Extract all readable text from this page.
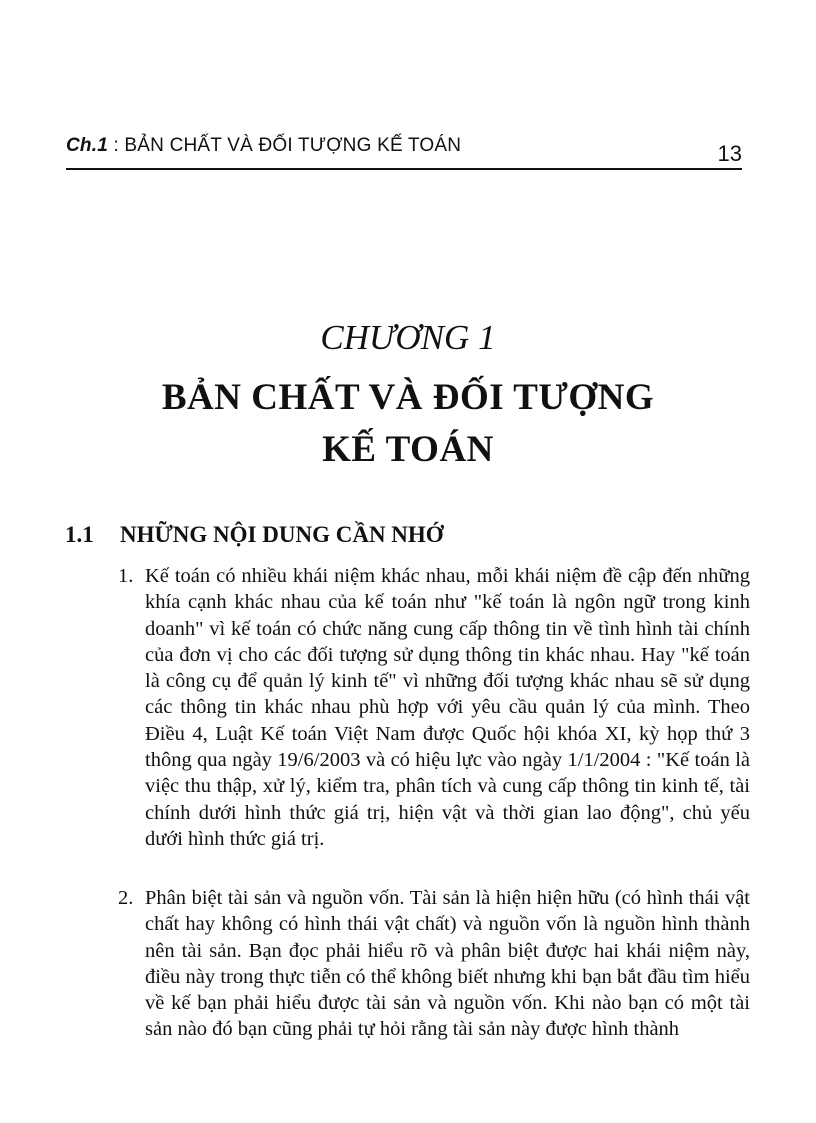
Ch.1 : BẢN CHẤT VÀ ĐỐI TƯỢNG KẾ TOÁN	13
CHƯƠNG 1
BẢN CHẤT VÀ ĐỐI TƯỢNG
KẾ TOÁN
1.1 NHỮNG NỘI DUNG CẦN NHỚ
1. Kế toán có nhiều khái niệm khác nhau, mỗi khái niệm đề cập đến những khía cạnh khác nhau của kế toán như "kế toán là ngôn ngữ trong kinh doanh" vì kế toán có chức năng cung cấp thông tin về tình hình tài chính của đơn vị cho các đối tượng sử dụng thông tin khác nhau. Hay "kế toán là công cụ để quản lý kinh tế" vì những đối tượng khác nhau sẽ sử dụng các thông tin khác nhau phù hợp với yêu cầu quản lý của mình. Theo Điều 4, Luật Kế toán Việt Nam được Quốc hội khóa XI, kỳ họp thứ 3 thông qua ngày 19/6/2003 và có hiệu lực vào ngày 1/1/2004 : "Kế toán là việc thu thập, xử lý, kiểm tra, phân tích và cung cấp thông tin kinh tế, tài chính dưới hình thức giá trị, hiện vật và thời gian lao động", chủ yếu dưới hình thức giá trị.
2. Phân biệt tài sản và nguồn vốn. Tài sản là hiện hiện hữu (có hình thái vật chất hay không có hình thái vật chất) và nguồn vốn là nguồn hình thành nên tài sản. Bạn đọc phải hiểu rõ và phân biệt được hai khái niệm này, điều này trong thực tiễn có thể không biết nhưng khi bạn bắt đầu tìm hiểu về kế bạn phải hiểu được tài sản và nguồn vốn. Khi nào bạn có một tài sản nào đó bạn cũng phải tự hỏi rằng tài sản này được hình thành
